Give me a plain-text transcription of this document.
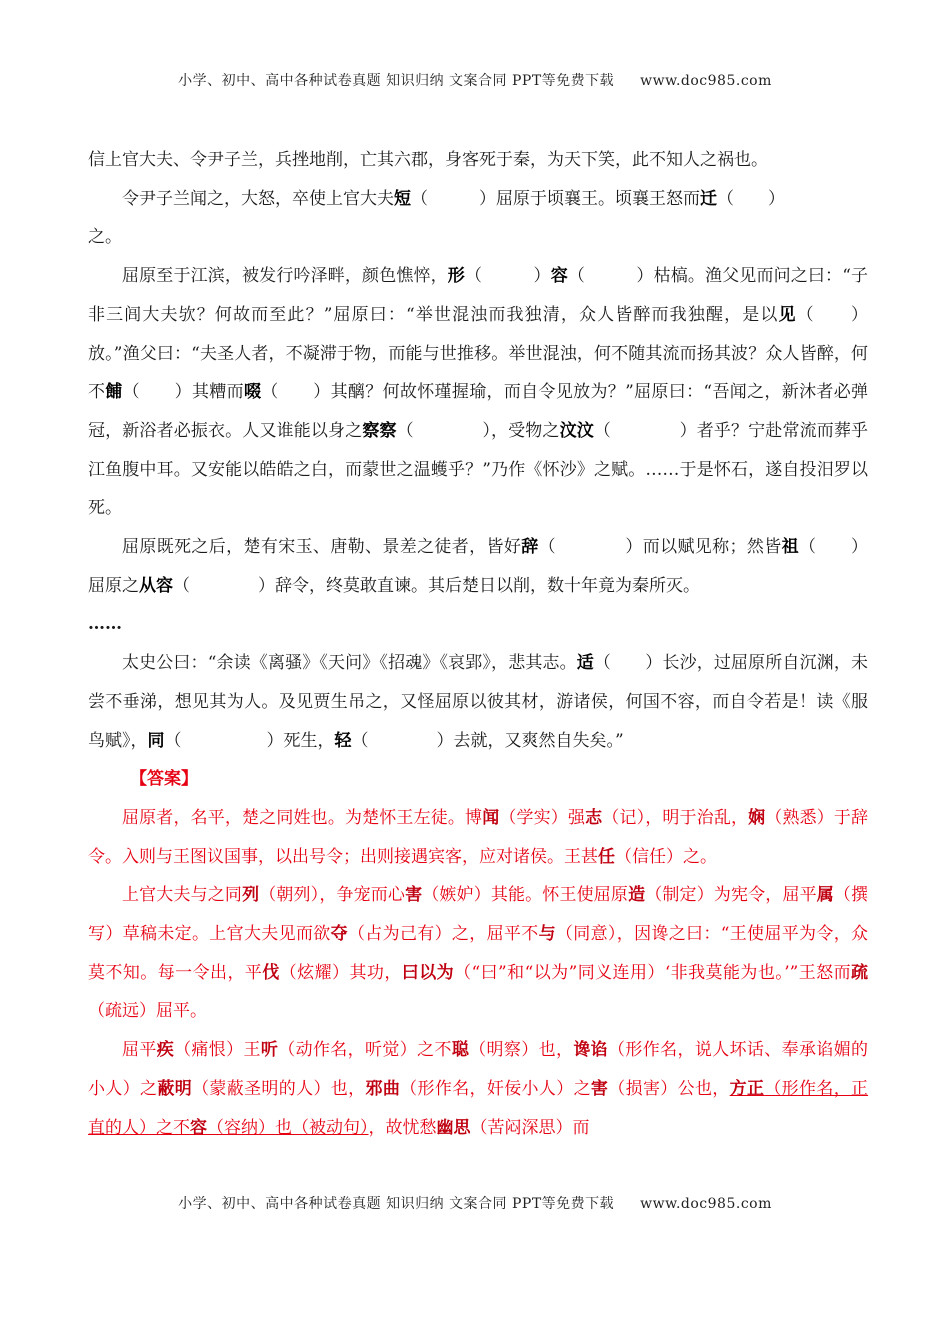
小学、初中、高中各种试卷真题 知识归纳 文案合同 PPT等免费下载 www.doc985.com

信上官大夫、令尹子兰，兵挫地削，亡其六郡，身客死于秦，为天下笑，此不知人之祸也。

令尹子兰闻之，大怒，卒使上官大夫短（　　　）屈原于顷襄王。顷襄王怒而迁（　　）

之。

屈原至于江滨，被发行吟泽畔，颜色憔悴，形（　　　）容（　　　）枯槁。渔父见而问之曰：“子非三闾大夫欤？何故而至此？”屈原曰：“举世混浊而我独清，众人皆醉而我独醒，是以见（　　）放。”渔父曰：“夫圣人者，不凝滞于物，而能与世推移。举世混浊，何不随其流而扬其波？众人皆醉，何不餔（　　）其糟而啜（　　）其醨？何故怀瑾握瑜，而自令见放为？”屈原曰：“吾闻之，新沐者必弹冠，新浴者必振衣。人又谁能以身之察察（　　　　），受物之汶汶（　　　　）者乎？宁赴常流而葬乎江鱼腹中耳。又安能以皓皓之白，而蒙世之温蠖乎？”乃作《怀沙》之赋。……于是怀石，遂自投汨罗以死。

屈原既死之后，楚有宋玉、唐勒、景差之徒者，皆好辞（　　　　）而以赋见称；然皆祖（　　）屈原之从容（　　　　）辞令，终莫敢直谏。其后楚日以削，数十年竟为秦所灭。

……

太史公曰：“余读《离骚》《天问》《招魂》《哀郢》，悲其志。适（　　）长沙，过屈原所自沉渊，未尝不垂涕，想见其为人。及见贾生吊之，又怪屈原以彼其材，游诸侯，何国不容，而自令若是！读《服鸟赋》，同（　　　　　）死生，轻（　　　　）去就，又爽然自失矣。”

【答案】

屈原者，名平，楚之同姓也。为楚怀王左徒。博闻（学实）强志（记），明于治乱，娴（熟悉）于辞令。入则与王图议国事，以出号令；出则接遇宾客，应对诸侯。王甚任（信任）之。

上官大夫与之同列（朝列），争宠而心害（嫉妒）其能。怀王使屈原造（制定）为宪令，屈平属（撰写）草稿未定。上官大夫见而欲夺（占为己有）之，屈平不与（同意），因谗之曰：“王使屈平为令，众莫不知。每一令出，平伐（炫耀）其功，曰以为（“曰”和“以为”同义连用）‘非我莫能为也。’”王怒而疏（疏远）屈平。

屈平疾（痛恨）王听（动作名，听觉）之不聪（明察）也，谗谄（形作名，说人坏话、奉承谄媚的小人）之蔽明（蒙蔽圣明的人）也，邪曲（形作名，奸佞小人）之害（损害）公也，方正（形作名，正直的人）之不容（容纳）也（被动句），故忧愁幽思（苦闷深思）而

小学、初中、高中各种试卷真题 知识归纳 文案合同 PPT等免费下载 www.doc985.com
